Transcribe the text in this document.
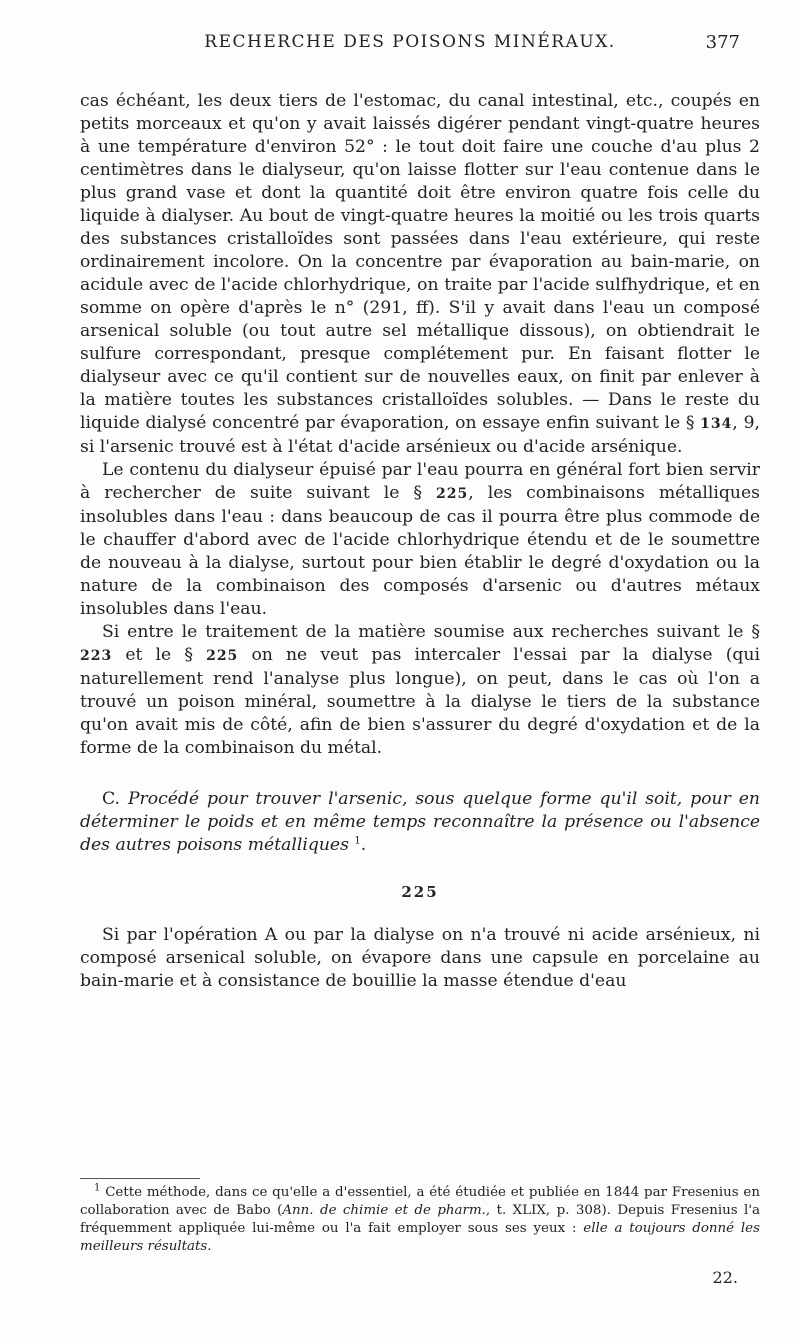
RECHERCHE DES POISONS MINÉRAUX.	377

cas échéant, les deux tiers de l'estomac, du canal intestinal, etc., coupés en petits morceaux et qu'on y avait laissés digérer pendant vingt-quatre heures à une température d'environ 52° : le tout doit faire une couche d'au plus 2 centimètres dans le dialyseur, qu'on laisse flotter sur l'eau contenue dans le plus grand vase et dont la quantité doit être environ quatre fois celle du liquide à dialyser. Au bout de vingt-quatre heures la moitié ou les trois quarts des substances cristalloïdes sont passées dans l'eau extérieure, qui reste ordinairement incolore. On la concentre par évaporation au bain-marie, on acidule avec de l'acide chlorhydrique, on traite par l'acide sulfhydrique, et en somme on opère d'après le n° (291, ff). S'il y avait dans l'eau un composé arsenical soluble (ou tout autre sel métallique dissous), on obtiendrait le sulfure correspondant, presque complétement pur. En faisant flotter le dialyseur avec ce qu'il contient sur de nouvelles eaux, on finit par enlever à la matière toutes les substances cristalloïdes solubles. — Dans le reste du liquide dialysé concentré par évaporation, on essaye enfin suivant le § 134, 9, si l'arsenic trouvé est à l'état d'acide arsénieux ou d'acide arsénique.

Le contenu du dialyseur épuisé par l'eau pourra en général fort bien servir à rechercher de suite suivant le § 225, les combinaisons métalliques insolubles dans l'eau : dans beaucoup de cas il pourra être plus commode de le chauffer d'abord avec de l'acide chlorhydrique étendu et de le soumettre de nouveau à la dialyse, surtout pour bien établir le degré d'oxydation ou la nature de la combinaison des composés d'arsenic ou d'autres métaux insolubles dans l'eau.

Si entre le traitement de la matière soumise aux recherches suivant le § 223 et le § 225 on ne veut pas intercaler l'essai par la dialyse (qui naturellement rend l'analyse plus longue), on peut, dans le cas où l'on a trouvé un poison minéral, soumettre à la dialyse le tiers de la substance qu'on avait mis de côté, afin de bien s'assurer du degré d'oxydation et de la forme de la combinaison du métal.

C. Procédé pour trouver l'arsenic, sous quelque forme qu'il soit, pour en déterminer le poids et en même temps reconnaître la présence ou l'absence des autres poisons métalliques $^1$.

225

Si par l'opération A ou par la dialyse on n'a trouvé ni acide arsénieux, ni composé arsenical soluble, on évapore dans une capsule en porcelaine au bain-marie et à consistance de bouillie la masse étendue d'eau

$^1$ Cette méthode, dans ce qu'elle a d'essentiel, a été étudiée et publiée en 1844 par Fresenius en collaboration avec de Babo (Ann. de chimie et de pharm., t. XLIX, p. 308). Depuis Fresenius l'a fréquemment appliquée lui-même ou l'a fait employer sous ses yeux : elle a toujours donné les meilleurs résultats.
22.
